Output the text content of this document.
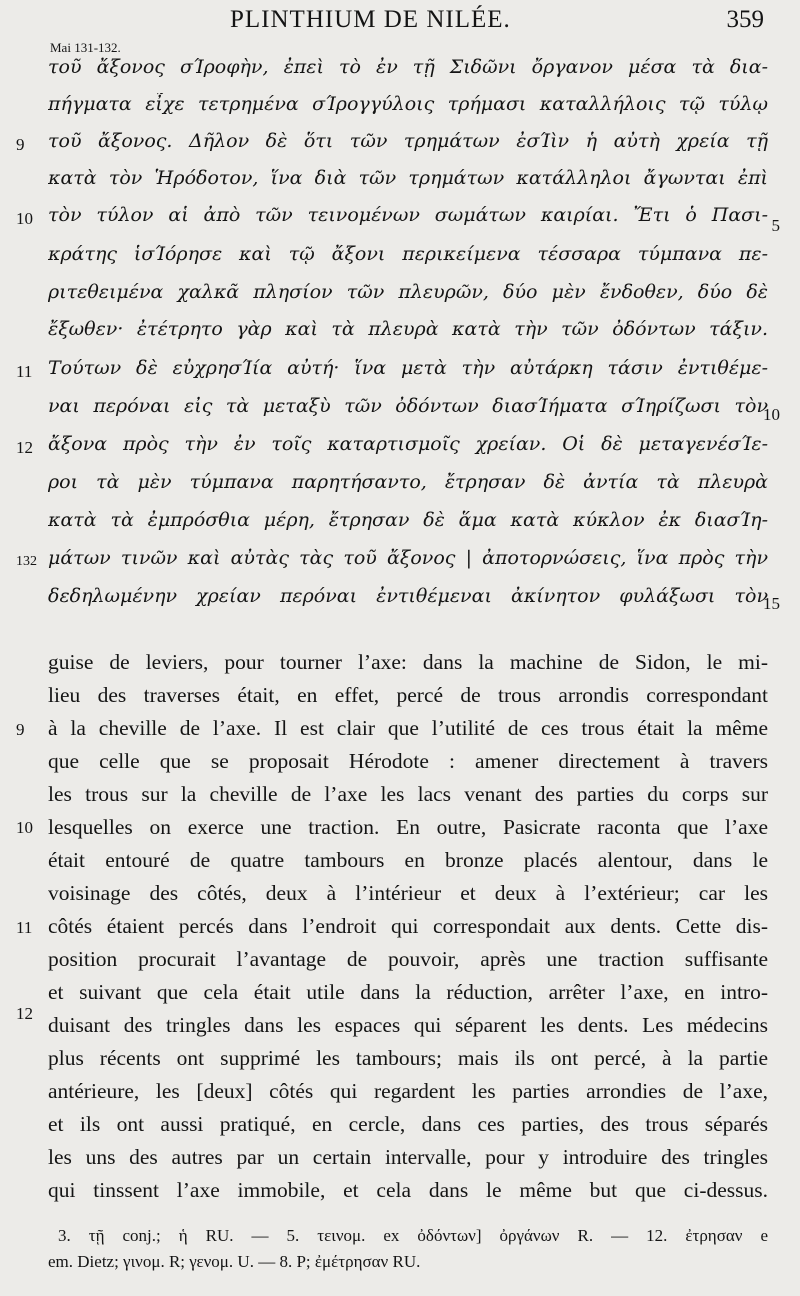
PLINTHIUM DE NILÉE.	359
Mai 131-132.
τοῦ ἄξονος σΊροφὴν, ἐπεὶ τὸ ἐν τῇ Σιδῶνι ὄργανον μέσα τὰ δια-
πήγματα εἶχε τετρημένα σΊρογγύλοις τρήμασι καταλλήλοις τῷ τύλῳ
τοῦ ἄξονος. Δῆλον δὲ ὅτι τῶν τρημάτων ἐσΊὶν ἡ αὐτὴ χρεία τῇ
κατὰ τὸν Ἡρόδοτον, ἵνα διὰ τῶν τρημάτων κατάλληλοι ἄγωνται ἐπὶ
τὸν τύλον αἱ ἀπὸ τῶν τεινομένων σωμάτων καιρίαι. Ἔτι ὁ Πασι-
κράτης ἱσΊόρησε καὶ τῷ ἄξονι περικείμενα τέσσαρα τύμπανα πε-
ριτεθειμένα χαλκᾶ πλησίον τῶν πλευρῶν, δύο μὲν ἔνδοθεν, δύο δὲ
ἔξωθεν· ἐτέτρητο γὰρ καὶ τὰ πλευρὰ κατὰ τὴν τῶν ὀδόντων τάξιν.
Τούτων δὲ εὐχρησΊία αὐτή· ἵνα μετὰ τὴν αὐτάρκη τάσιν ἐντιθέμε-
ναι περόναι εἰς τὰ μεταξὺ τῶν ὀδόντων διασΊήματα σΊηρίζωσι τὸν
ἄξονα πρὸς τὴν ἐν τοῖς καταρτισμοῖς χρείαν. Οἱ δὲ μεταγενέσΊε-
ροι τὰ μὲν τύμπανα παρητήσαντο, ἔτρησαν δὲ ἀντία τὰ πλευρὰ
κατὰ τὰ ἐμπρόσθια μέρη, ἔτρησαν δὲ ἅμα κατὰ κύκλον ἐκ διασΊη-
μάτων τινῶν καὶ αὐτὰς τὰς τοῦ ἄξονος | ἀποτορνώσεις, ἵνα πρὸς τὴν
δεδηλωμένην χρείαν περόναι ἐντιθέμεναι ἀκίνητον φυλάξωσι τὸν
9
10
11
12
132
5
10
15
guise de leviers, pour tourner l’axe: dans la machine de Sidon, le mi-
lieu des traverses était, en effet, percé de trous arrondis correspondant
à la cheville de l’axe. Il est clair que l’utilité de ces trous était la même
que celle que se proposait Hérodote : amener directement à travers
les trous sur la cheville de l’axe les lacs venant des parties du corps sur
lesquelles on exerce une traction. En outre, Pasicrate raconta que l’axe
était entouré de quatre tambours en bronze placés alentour, dans le
voisinage des côtés, deux à l’intérieur et deux à l’extérieur; car les
côtés étaient percés dans l’endroit qui correspondait aux dents. Cette dis-
position procurait l’avantage de pouvoir, après une traction suffisante
et suivant que cela était utile dans la réduction, arrêter l’axe, en intro-
duisant des tringles dans les espaces qui séparent les dents. Les médecins
plus récents ont supprimé les tambours; mais ils ont percé, à la partie
antérieure, les [deux] côtés qui regardent les parties arrondies de l’axe,
et ils ont aussi pratiqué, en cercle, dans ces parties, des trous séparés
les uns des autres par un certain intervalle, pour y introduire des tringles
qui tinssent l’axe immobile, et cela dans le même but que ci-dessus.
9
10
11
12
3. τῇ conj.; ἡ RU. — 5. τεινομ. ex ὀδόντων] ὀργάνων R. — 12. ἐτρησαν e
em. Dietz; γινομ. R; γενομ. U. — 8. P; ἐμέτρησαν RU.
